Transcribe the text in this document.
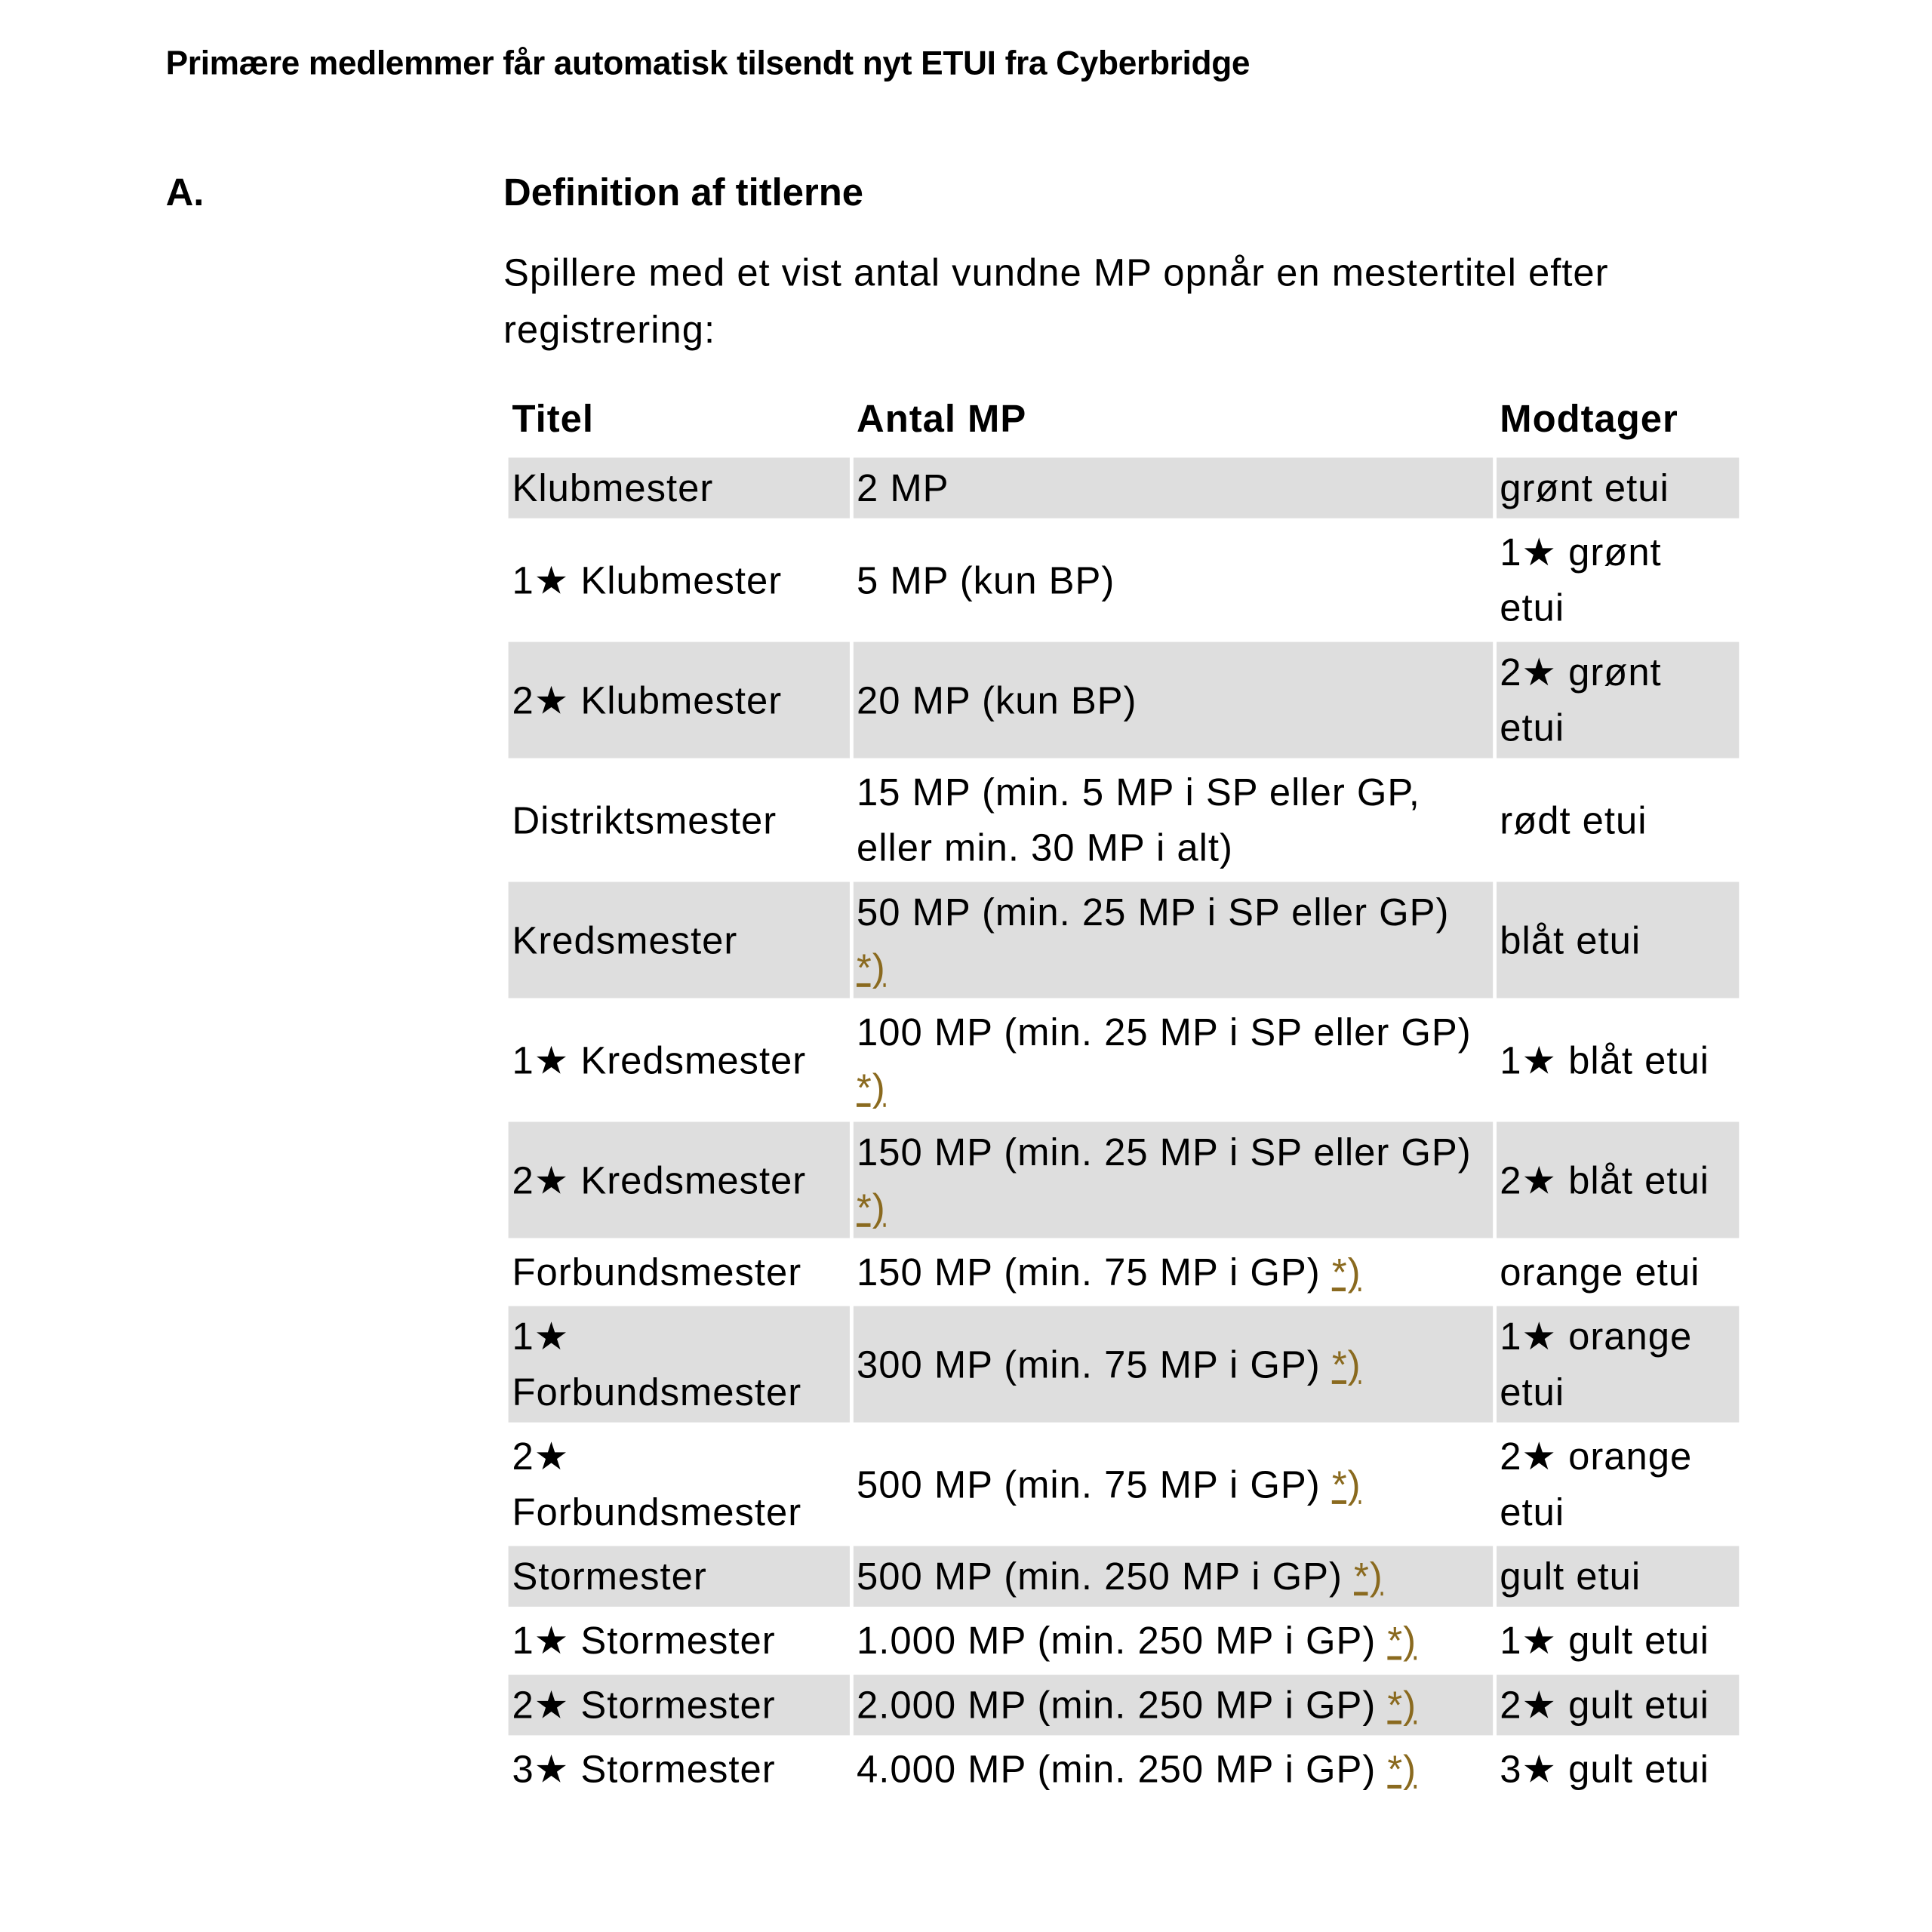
Primære medlemmer får automatisk tilsendt nyt ETUI fra Cyberbridge
A.	Definition af titlerne
Spillere med et vist antal vundne MP opnår en mestertitel efter registrering:
Titel	Antal MP	Modtager
Klubmester	2 MP	grønt etui
1★ Klubmester	5 MP (kun BP)	1★ grønt etui
2★ Klubmester	20 MP (kun BP)	2★ grønt etui
Distriktsmester	15 MP (min. 5 MP i SP eller GP, eller min. 30 MP i alt)	rødt etui
Kredsmester	50 MP (min. 25 MP i SP eller GP) *)	blåt etui
1★ Kredsmester	100 MP (min. 25 MP i SP eller GP) *)	1★ blåt etui
2★ Kredsmester	150 MP (min. 25 MP i SP eller GP) *)	2★ blåt etui
Forbundsmester	150 MP (min. 75 MP i GP) *)	orange etui
1★ Forbundsmester	300 MP (min. 75 MP i GP) *)	1★ orange etui
2★ Forbundsmester	500 MP (min. 75 MP i GP) *)	2★ orange etui
Stormester	500 MP (min. 250 MP i GP) *)	gult etui
1★ Stormester	1.000 MP (min. 250 MP i GP) *)	1★ gult etui
2★ Stormester	2.000 MP (min. 250 MP i GP) *)	2★ gult etui
3★ Stormester	4.000 MP (min. 250 MP i GP) *)	3★ gult etui
